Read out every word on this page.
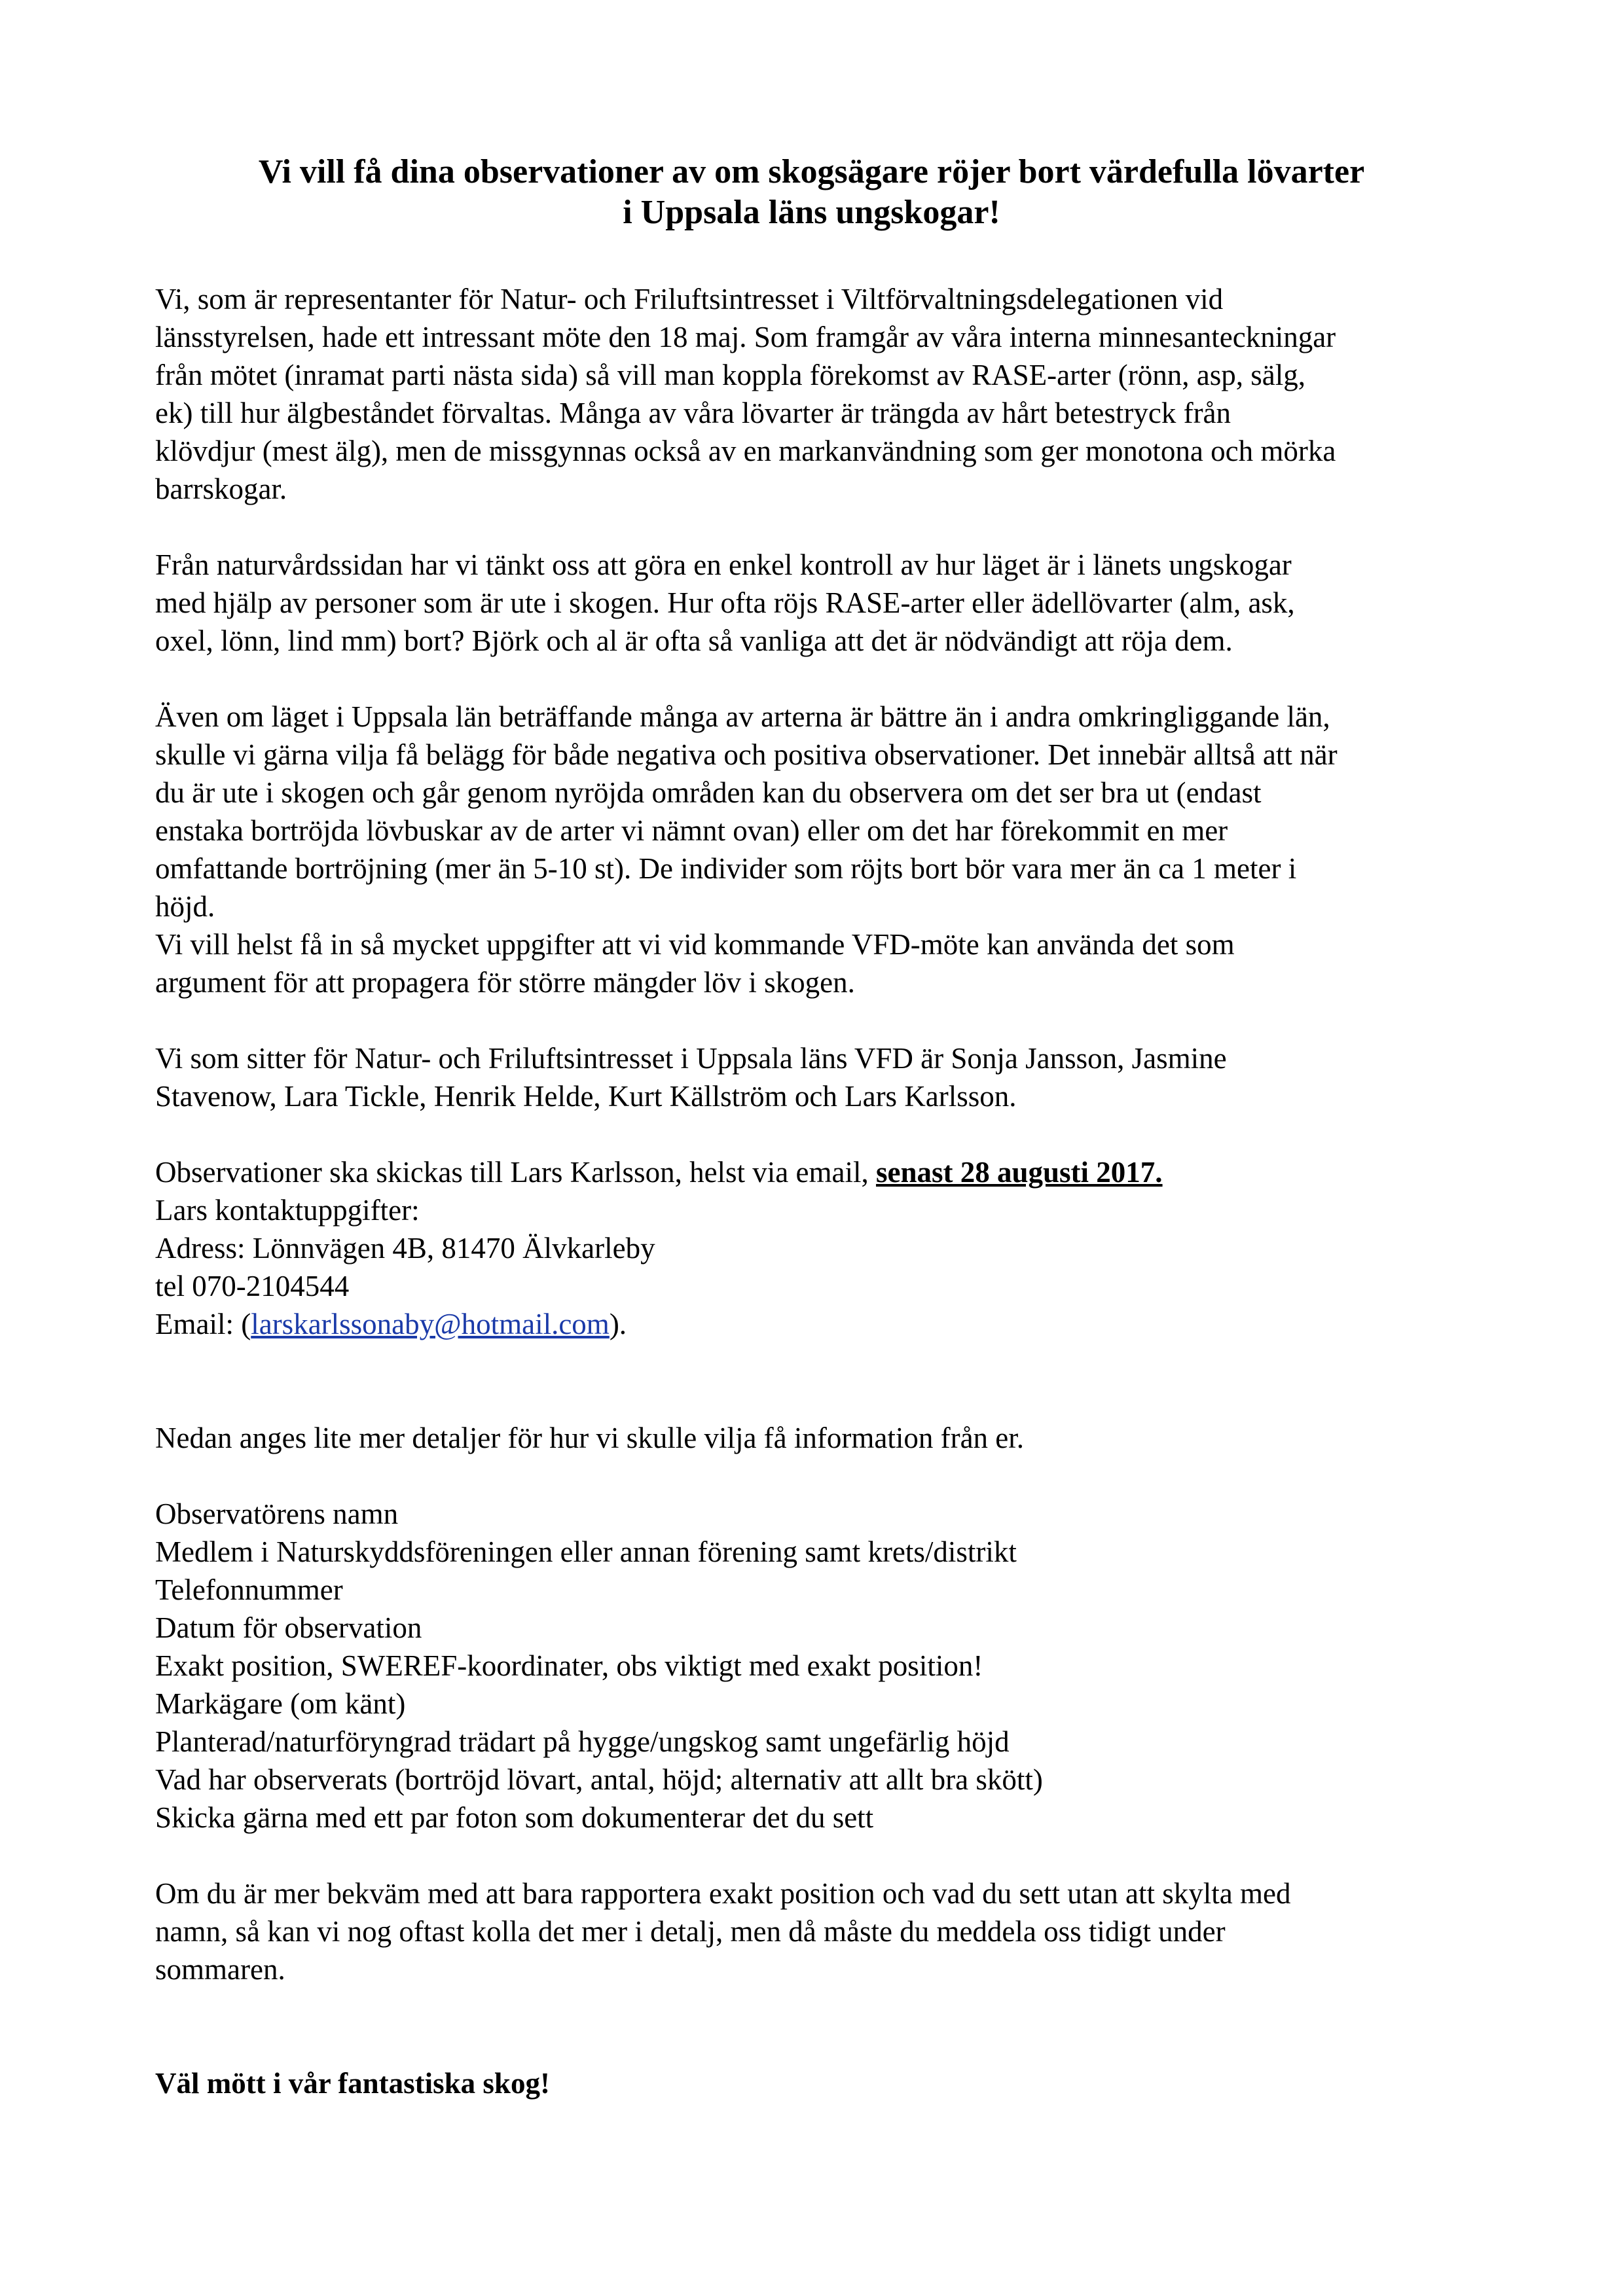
Vi vill få dina observationer av om skogsägare röjer bort värdefulla lövarter
i Uppsala läns ungskogar!

Vi, som är representanter för Natur- och Friluftsintresset i Viltförvaltningsdelegationen vid
länsstyrelsen, hade ett intressant möte den 18 maj. Som framgår av våra interna minnesanteckningar
från mötet (inramat parti nästa sida) så vill man koppla förekomst av RASE-arter (rönn, asp, sälg,
ek) till hur älgbeståndet förvaltas. Många av våra lövarter är trängda av hårt betestryck från
klövdjur (mest älg), men de missgynnas också av en markanvändning som ger monotona och mörka
barrskogar.

Från naturvårdssidan har vi tänkt oss att göra en enkel kontroll av hur läget är i länets ungskogar
med hjälp av personer som är ute i skogen. Hur ofta röjs RASE-arter eller ädellövarter (alm, ask,
oxel, lönn, lind mm) bort? Björk och al är ofta så vanliga att det är nödvändigt att röja dem.

Även om läget i Uppsala län beträffande många av arterna är bättre än i andra omkringliggande län,
skulle vi gärna vilja få belägg för både negativa och positiva observationer. Det innebär alltså att när
du är ute i skogen och går genom nyröjda områden kan du observera om det ser bra ut (endast
enstaka bortröjda lövbuskar av de arter vi nämnt ovan) eller om det har förekommit en mer
omfattande bortröjning (mer än 5-10 st). De individer som röjts bort bör vara mer än ca 1 meter i
höjd.
Vi vill helst få in så mycket uppgifter att vi vid kommande VFD-möte kan använda det som
argument för att propagera för större mängder löv i skogen.

Vi som sitter för Natur- och Friluftsintresset i Uppsala läns VFD är Sonja Jansson, Jasmine
Stavenow, Lara Tickle, Henrik Helde, Kurt Källström och Lars Karlsson.

Observationer ska skickas till Lars Karlsson, helst via email, senast 28 augusti 2017.
Lars kontaktuppgifter:
Adress: Lönnvägen 4B, 81470 Älvkarleby
tel 070-2104544
Email: (larskarlssonaby@hotmail.com).

Nedan anges lite mer detaljer för hur vi skulle vilja få information från er.

Observatörens namn
Medlem i Naturskyddsföreningen eller annan förening samt krets/distrikt
Telefonnummer
Datum för observation
Exakt position, SWEREF-koordinater, obs viktigt med exakt position!
Markägare (om känt)
Planterad/naturföryngrad trädart på hygge/ungskog samt ungefärlig höjd
Vad har observerats (bortröjd lövart, antal, höjd; alternativ att allt bra skött)
Skicka gärna med ett par foton som dokumenterar det du sett

Om du är mer bekväm med att bara rapportera exakt position och vad du sett utan att skylta med
namn, så kan vi nog oftast kolla det mer i detalj, men då måste du meddela oss tidigt under
sommaren.

Väl mött i vår fantastiska skog!
